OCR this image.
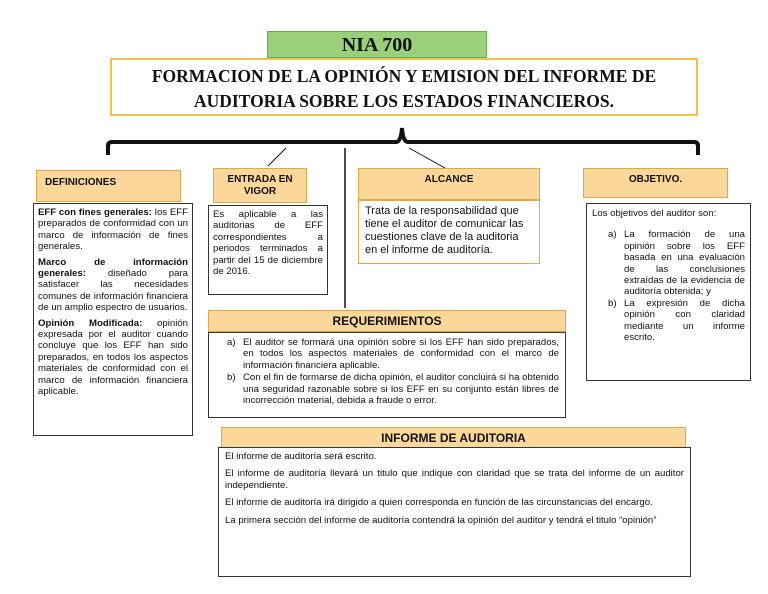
NIA 700
FORMACION DE LA OPINIÓN Y EMISION DEL INFORME DE AUDITORIA SOBRE LOS ESTADOS FINANCIEROS.
DEFINICIONES

EFF con fines generales: los EFF preparados de conformidad con un marco de información de fines generales.

Marco de información generales: diseñado para satisfacer las necesidades comunes de información financiera de un amplio espectro de usuarios.

Opinión Modificada: opinión expresada por el auditor cuando concluye que los EFF han sido preparados, en todos los aspectos materiales de conformidad con el marco de información financiera aplicable.

ENTRADA EN VIGOR

Es aplicable a las auditorias de EFF correspondientes a periodos terminados a partir del 15 de diciembre de 2016.

ALCANCE

Trata de la responsabilidad que tiene el auditor de comunicar las cuestiones clave de la auditoria en el informe de auditoría.

OBJETIVO.

Los objetivos del auditor son:

a) La formación de una opinión sobre los EFF basada en una evaluación de las conclusiones extraídas de la evidencia de auditoría obtenida; y
b) La expresión de dicha opinión con claridad mediante un informe escrito.
REQUERIMIENTOS
a) El auditor se formará una opinión sobre si los EFF han sido preparados, en todos los aspectos materiales de conformidad con el marco de información financiera aplicable.
b) Con el fin de formarse de dicha opinión, el auditor concluirá si ha obtenido una seguridad razonable sobre si los EFF en su conjunto están libres de incorrección material, debida a fraude o error.
INFORME DE AUDITORIA

El informe de auditoría será escrito.

El informe de auditoría llevará un titulo que indique con claridad que se trata del informe de un auditor independiente.

El informe de auditoría irá dirigido a quien corresponda en función de las circunstancias del encargo.

La primera sección del informe de auditoría contendrá la opinión del auditor y tendrá el titulo “opinión”
